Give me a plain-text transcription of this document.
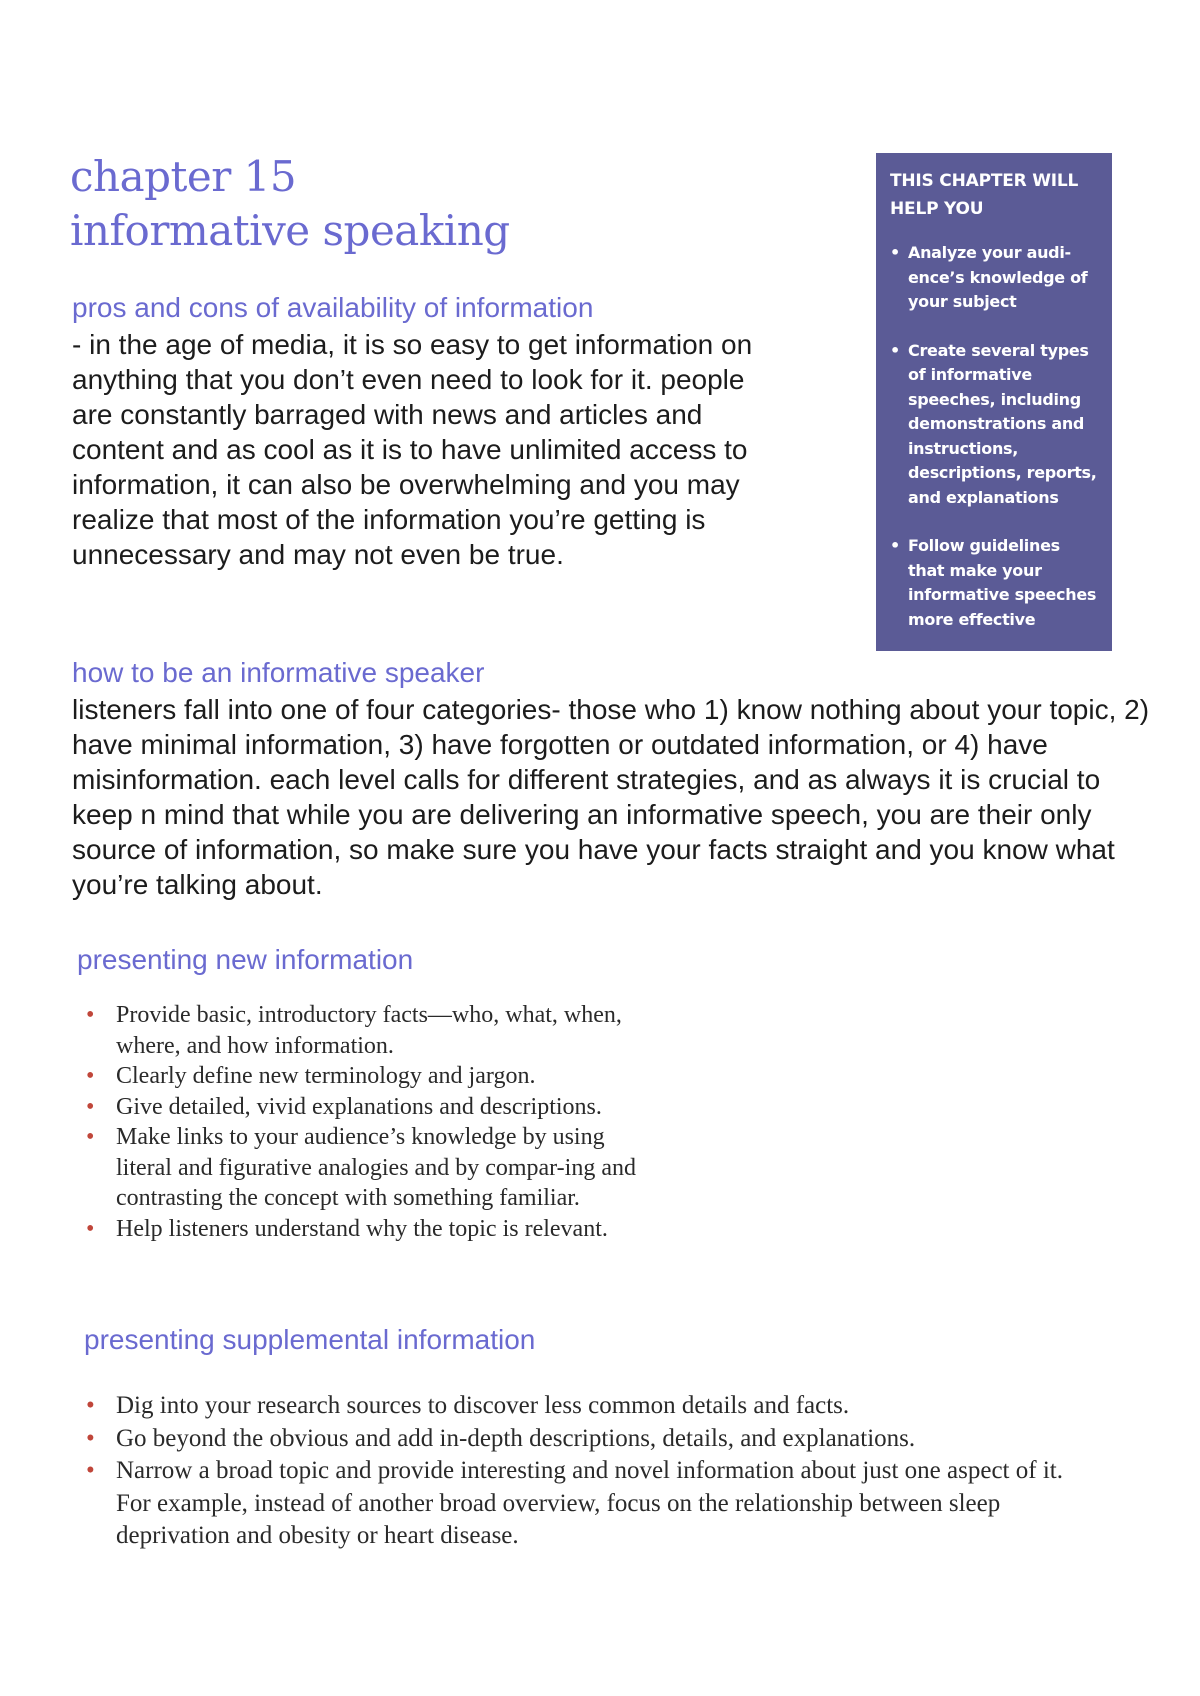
chapter 15
informative speaking
THIS CHAPTER WILL HELP YOU
• Analyze your audi-ence’s knowledge of your subject
• Create several types of informative speeches, including demonstrations and instructions, descriptions, reports, and explanations
• Follow guidelines that make your informative speeches more effective
pros and cons of availability of information

- in the age of media, it is so easy to get information on anything that you don’t even need to look for it. people are constantly barraged with news and articles and content and as cool as it is to have unlimited access to information, it can also be overwhelming and you may realize that most of the information you’re getting is unnecessary and may not even be true.

how to be an informative speaker

listeners fall into one of four categories- those who 1) know nothing about your topic, 2) have minimal information, 3) have forgotten or outdated information, or 4) have misinformation. each level calls for different strategies, and as always it is crucial to keep n mind that while you are delivering an informative speech, you are their only source of information, so make sure you have your facts straight and you know what you’re talking about.

presenting new information
• Provide basic, introductory facts—who, what, when, where, and how information.
• Clearly define new terminology and jargon.
• Give detailed, vivid explanations and descriptions.
• Make links to your audience’s knowledge by using literal and figurative analogies and by compar-ing and contrasting the concept with something familiar.
• Help listeners understand why the topic is relevant.
presenting supplemental information
• Dig into your research sources to discover less common details and facts.
• Go beyond the obvious and add in-depth descriptions, details, and explanations.
• Narrow a broad topic and provide interesting and novel information about just one aspect of it. For example, instead of another broad overview, focus on the relationship between sleep deprivation and obesity or heart disease.
